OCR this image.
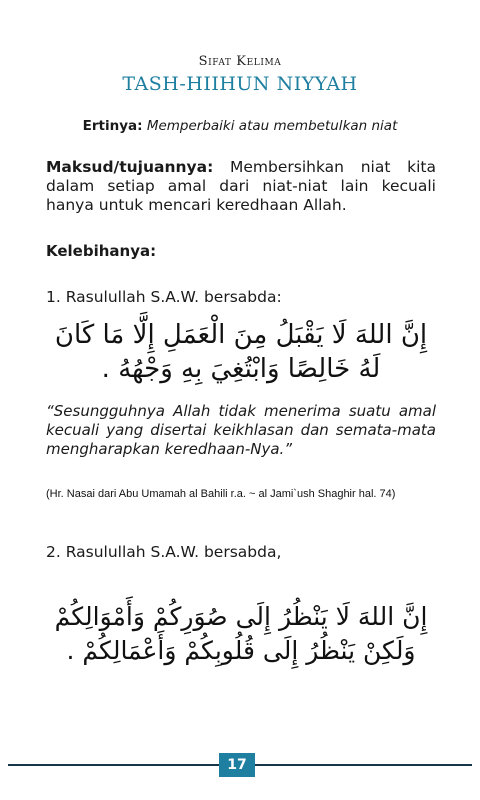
Sifat Kelima
TASH-HIIHUN NIYYAH
Ertinya: Memperbaiki atau membetulkan niat
Maksud/tujuannya: Membersihkan niat kita dalam setiap amal dari niat-niat lain kecuali hanya untuk mencari keredhaan Allah.
Kelebihanya:
1. Rasulullah S.A.W. bersabda:
إِنَّ اللهَ لَا يَقْبَلُ مِنَ الْعَمَلِ إِلَّا مَا كَانَ لَهُ خَالِصًا وَابْتُغِيَ بِهِ وَجْهُهُ .
“Sesungguhnya Allah tidak menerima suatu amal kecuali yang disertai keikhlasan dan semata-mata mengharapkan keredhaan-Nya.”
(Hr. Nasai dari Abu Umamah al Bahili r.a. ~ al Jami`ush Shaghir hal. 74)
2. Rasulullah S.A.W. bersabda,
إِنَّ اللهَ لَا يَنْظُرُ إِلَى صُوَرِكُمْ وَأَمْوَالِكُمْ وَلَكِنْ يَنْظُرُ إِلَى قُلُوبِكُمْ وَأَعْمَالِكُمْ .
17
